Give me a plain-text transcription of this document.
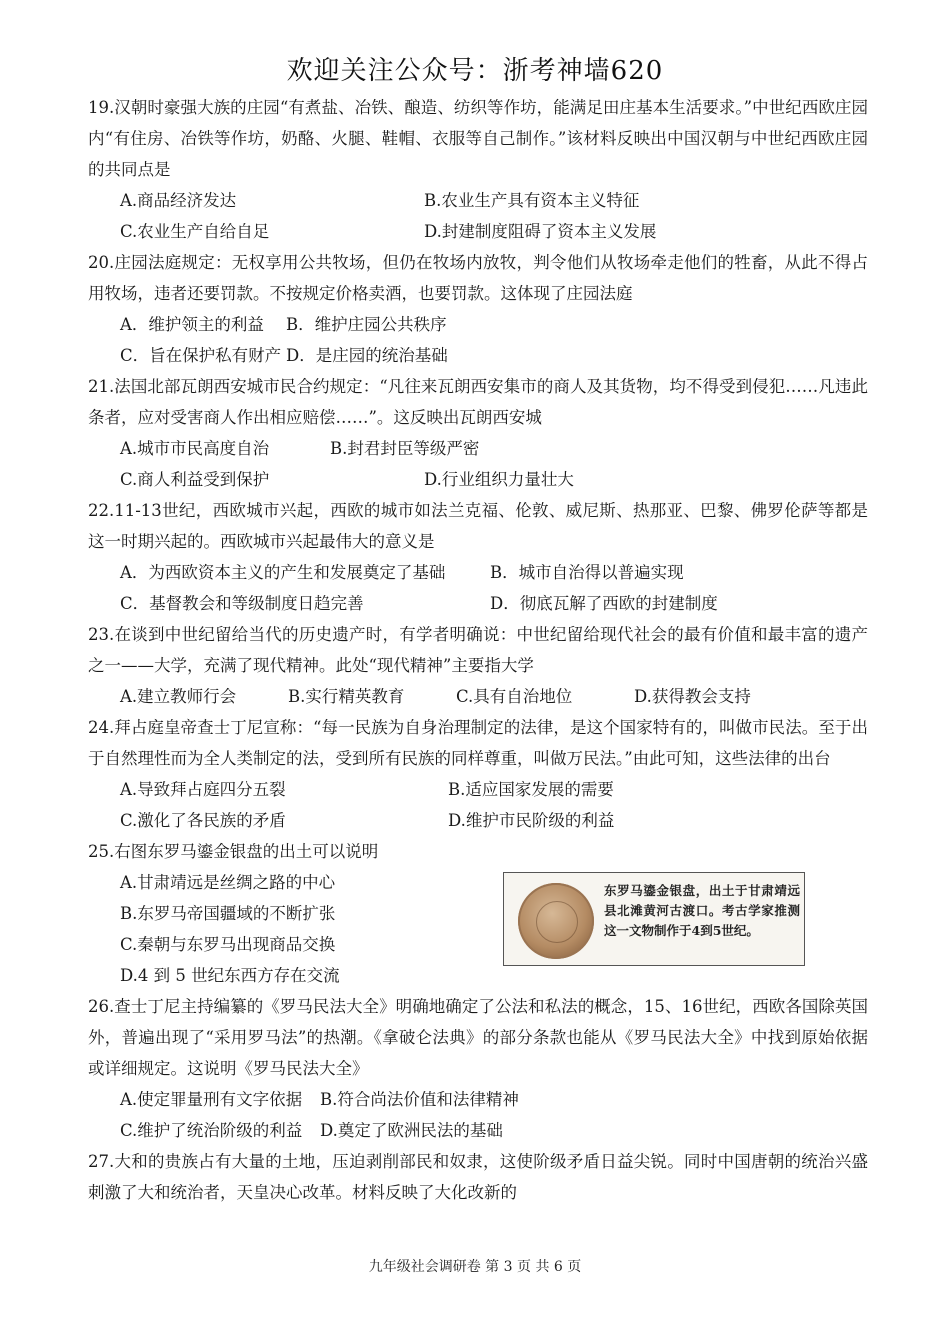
欢迎关注公众号：浙考神墙620

19.汉朝时豪强大族的庄园“有煮盐、冶铁、酿造、纺织等作坊，能满足田庄基本生活要求。”中世纪西欧庄园内“有住房、冶铁等作坊，奶酪、火腿、鞋帽、衣服等自己制作。”该材料反映出中国汉朝与中世纪西欧庄园的共同点是

A.商品经济发达	B.农业生产具有资本主义特征
C.农业生产自给自足	D.封建制度阻碍了资本主义发展

20.庄园法庭规定：无权享用公共牧场，但仍在牧场内放牧，判令他们从牧场牵走他们的牲畜，从此不得占用牧场，违者还要罚款。不按规定价格卖酒，也要罚款。这体现了庄园法庭

A．维护领主的利益 B．维护庄园公共秩序
C．旨在保护私有财产 D．是庄园的统治基础

21.法国北部瓦朗西安城市民合约规定：“凡往来瓦朗西安集市的商人及其货物，均不得受到侵犯……凡违此条者，应对受害商人作出相应赔偿……”。这反映出瓦朗西安城

A.城市市民高度自治	B.封君封臣等级严密
C.商人利益受到保护	D.行业组织力量壮大

22.11-13世纪，西欧城市兴起，西欧的城市如法兰克福、伦敦、威尼斯、热那亚、巴黎、佛罗伦萨等都是这一时期兴起的。西欧城市兴起最伟大的意义是

A．为西欧资本主义的产生和发展奠定了基础	B．城市自治得以普遍实现
C．基督教会和等级制度日趋完善	D．彻底瓦解了西欧的封建制度

23.在谈到中世纪留给当代的历史遗产时，有学者明确说：中世纪留给现代社会的最有价值和最丰富的遗产之一——大学，充满了现代精神。此处“现代精神”主要指大学

A.建立教师行会	B.实行精英教育	C.具有自治地位	D.获得教会支持

24.拜占庭皇帝查士丁尼宣称：“每一民族为自身治理制定的法律，是这个国家特有的，叫做市民法。至于出于自然理性而为全人类制定的法，受到所有民族的同样尊重，叫做万民法。”由此可知，这些法律的出台

A.导致拜占庭四分五裂	B.适应国家发展的需要
C.激化了各民族的矛盾	D.维护市民阶级的利益

25.右图东罗马鎏金银盘的出土可以说明

A.甘肃靖远是丝绸之路的中心
B.东罗马帝国疆域的不断扩张
C.秦朝与东罗马出现商品交换
D.4 到 5 世纪东西方存在交流
东罗马鎏金银盘，出土于甘肃靖远县北滩黄河古渡口。考古学家推测这一文物制作于4到5世纪。

26.查士丁尼主持编纂的《罗马民法大全》明确地确定了公法和私法的概念，15、16世纪，西欧各国除英国外，普遍出现了“采用罗马法”的热潮。《拿破仑法典》的部分条款也能从《罗马民法大全》中找到原始依据或详细规定。这说明《罗马民法大全》

A.使定罪量刑有文字依据 B.符合尚法价值和法律精神
C.维护了统治阶级的利益 D.奠定了欧洲民法的基础

27.大和的贵族占有大量的土地，压迫剥削部民和奴隶，这使阶级矛盾日益尖锐。同时中国唐朝的统治兴盛刺激了大和统治者，天皇决心改革。材料反映了大化改新的

九年级社会调研卷 第 3 页 共 6 页
